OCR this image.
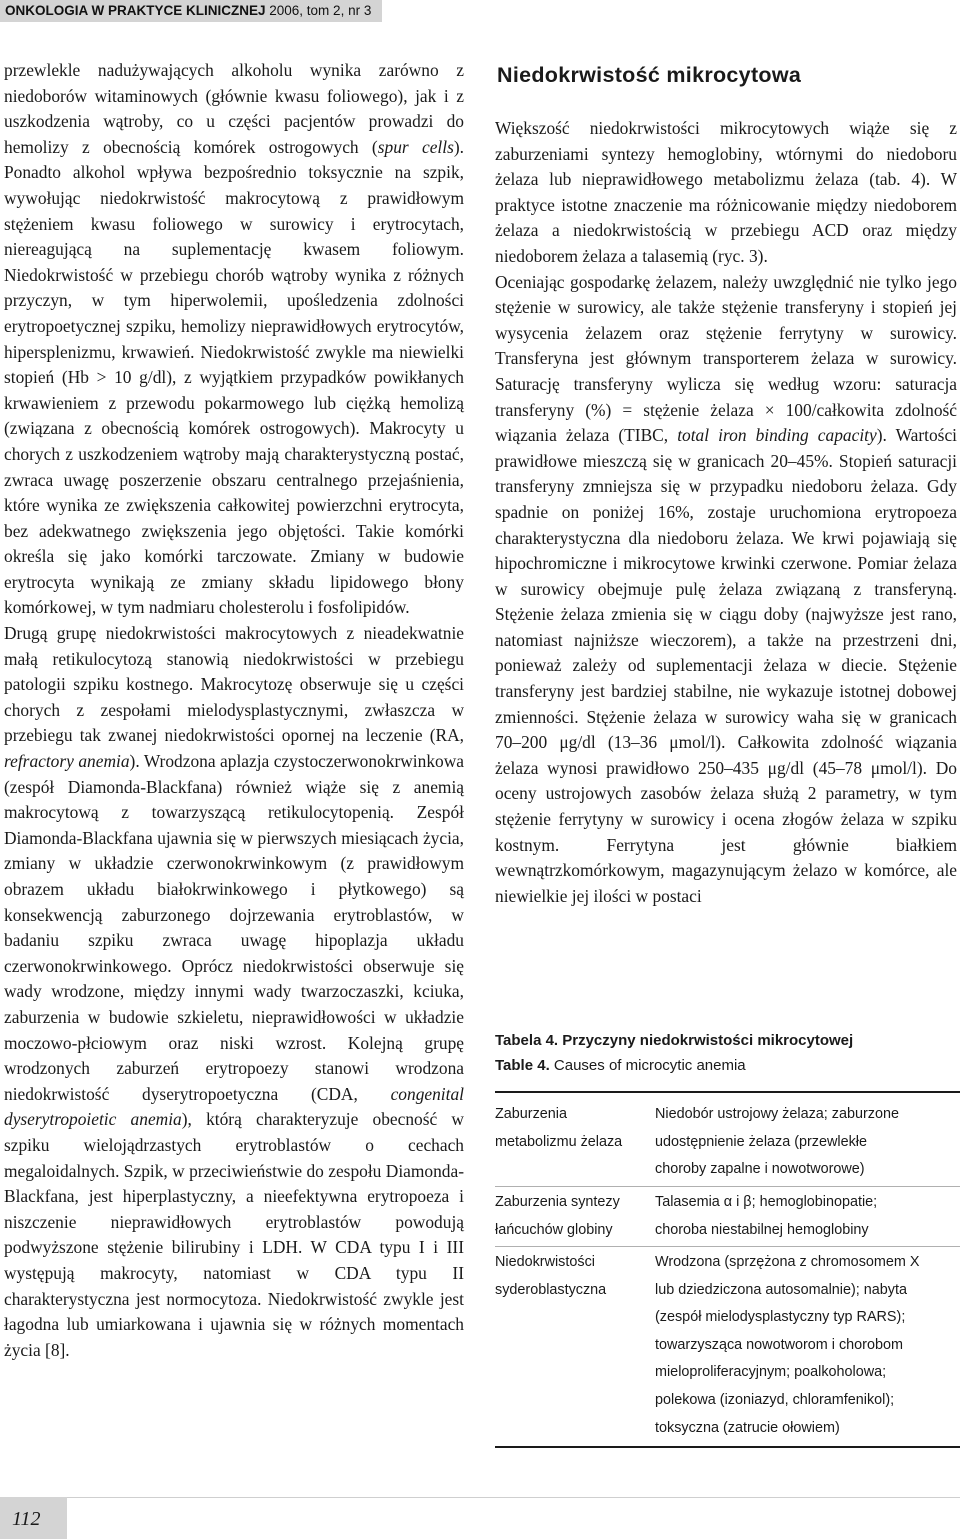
ONKOLOGIA W PRAKTYCE KLINICZNEJ 2006, tom 2, nr 3

przewlekle nadużywających alkoholu wynika zarówno z niedoborów witaminowych (głównie kwasu foliowego), jak i z uszkodzenia wątroby, co u części pacjentów prowadzi do hemolizy z obecnością komórek ostrogowych (spur cells). Ponadto alkohol wpływa bezpośrednio toksycznie na szpik, wywołując niedokrwistość makrocytową z prawidłowym stężeniem kwasu foliowego w surowicy i erytrocytach, niereagującą na suplementację kwasem foliowym. Niedokrwistość w przebiegu chorób wątroby wynika z różnych przyczyn, w tym hiperwolemii, upośledzenia zdolności erytropoetycznej szpiku, hemolizy nieprawidłowych erytrocytów, hipersplenizmu, krwawień. Niedokrwistość zwykle ma niewielki stopień (Hb > 10 g/dl), z wyjątkiem przypadków powikłanych krwawieniem z przewodu pokarmowego lub ciężką hemolizą (związana z obecnością komórek ostrogowych). Makrocyty u chorych z uszkodzeniem wątroby mają charakterystyczną postać, zwraca uwagę poszerzenie obszaru centralnego przejaśnienia, które wynika ze zwiększenia całkowitej powierzchni erytrocyta, bez adekwatnego zwiększenia jego objętości. Takie komórki określa się jako komórki tarczowate. Zmiany w budowie erytrocyta wynikają ze zmiany składu lipidowego błony komórkowej, w tym nadmiaru cholesterolu i fosfolipidów.

Drugą grupę niedokrwistości makrocytowych z nieadekwatnie małą retikulocytozą stanowią niedokrwistości w przebiegu patologii szpiku kostnego. Makrocytozę obserwuje się u części chorych z zespołami mielodysplastycznymi, zwłaszcza w przebiegu tak zwanej niedokrwistości opornej na leczenie (RA, refractory anemia). Wrodzona aplazja czystoczerwonokrwinkowa (zespół Diamonda-Blackfana) również wiąże się z anemią makrocytową z towarzyszącą retikulocytopenią. Zespół Diamonda-Blackfana ujawnia się w pierwszych miesiącach życia, zmiany w układzie czerwonokrwinkowym (z prawidłowym obrazem układu białokrwinkowego i płytkowego) są konsekwencją zaburzonego dojrzewania erytroblastów, w badaniu szpiku zwraca uwagę hipoplazja układu czerwonokrwinkowego. Oprócz niedokrwistości obserwuje się wady wrodzone, między innymi wady twarzoczaszki, kciuka, zaburzenia w budowie szkieletu, nieprawidłowości w układzie moczowo-płciowym oraz niski wzrost. Kolejną grupę wrodzonych zaburzeń erytropoezy stanowi wrodzona niedokrwistość dyserytropoetyczna (CDA, congenital dyserytropoietic anemia), którą charakteryzuje obecność w szpiku wielojądrzastych erytroblastów o cechach megaloidalnych. Szpik, w przeciwieństwie do zespołu Diamonda-Blackfana, jest hiperplastyczny, a nieefektywna erytropoeza i niszczenie nieprawidłowych erytroblastów powodują podwyższone stężenie bilirubiny i LDH. W CDA typu I i III występują makrocyty, natomiast w CDA typu II charakterystyczna jest normocytoza. Niedokrwistość zwykle jest łagodna lub umiarkowana i ujawnia się w różnych momentach życia [8].

Niedokrwistość mikrocytowa

Większość niedokrwistości mikrocytowych wiąże się z zaburzeniami syntezy hemoglobiny, wtórnymi do niedoboru żelaza lub nieprawidłowego metabolizmu żelaza (tab. 4). W praktyce istotne znaczenie ma różnicowanie między niedoborem żelaza a niedokrwistością w przebiegu ACD oraz między niedoborem żelaza a talasemią (ryc. 3).

Oceniając gospodarkę żelazem, należy uwzględnić nie tylko jego stężenie w surowicy, ale także stężenie transferyny i stopień jej wysycenia żelazem oraz stężenie ferrytyny w surowicy. Transferyna jest głównym transporterem żelaza w surowicy. Saturację transferyny wylicza się według wzoru: saturacja transferyny (%) = stężenie żelaza × 100/całkowita zdolność wiązania żelaza (TIBC, total iron binding capacity). Wartości prawidłowe mieszczą się w granicach 20–45%. Stopień saturacji transferyny zmniejsza się w przypadku niedoboru żelaza. Gdy spadnie on poniżej 16%, zostaje uruchomiona erytropoeza charakterystyczna dla niedoboru żelaza. We krwi pojawiają się hipochromiczne i mikrocytowe krwinki czerwone. Pomiar żelaza w surowicy obejmuje pulę żelaza związaną z transferyną. Stężenie żelaza zmienia się w ciągu doby (najwyższe jest rano, natomiast najniższe wieczorem), a także na przestrzeni dni, ponieważ zależy od suplementacji żelaza w diecie. Stężenie transferyny jest bardziej stabilne, nie wykazuje istotnej dobowej zmienności. Stężenie żelaza w surowicy waha się w granicach 70–200 μg/dl (13–36 μmol/l). Całkowita zdolność wiązania żelaza wynosi prawidłowo 250–435 μg/dl (45–78 μmol/l). Do oceny ustrojowych zasobów żelaza służą 2 parametry, w tym stężenie ferrytyny w surowicy i ocena złogów żelaza w szpiku kostnym. Ferrytyna jest głównie białkiem wewnątrzkomórkowym, magazynującym żelazo w komórce, ale niewielkie jej ilości w postaci

Tabela 4. Przyczyny niedokrwistości mikrocytowej
Table 4. Causes of microcytic anemia
Zaburzenia
metabolizmu żelaza
Niedobór ustrojowy żelaza; zaburzone
udostępnienie żelaza (przewlekłe
choroby zapalne i nowotworowe)
Zaburzenia syntezy
łańcuchów globiny
Talasemia α i β; hemoglobinopatie;
choroba niestabilnej hemoglobiny
Niedokrwistości
syderoblastyczna
Wrodzona (sprzężona z chromosomem X
lub dziedziczona autosomalnie); nabyta
(zespół mielodysplastyczny typ RARS);
towarzysząca nowotworom i chorobom
mieloproliferacyjnym; poalkoholowa;
polekowa (izoniazyd, chloramfenikol);
toksyczna (zatrucie ołowiem)
112
